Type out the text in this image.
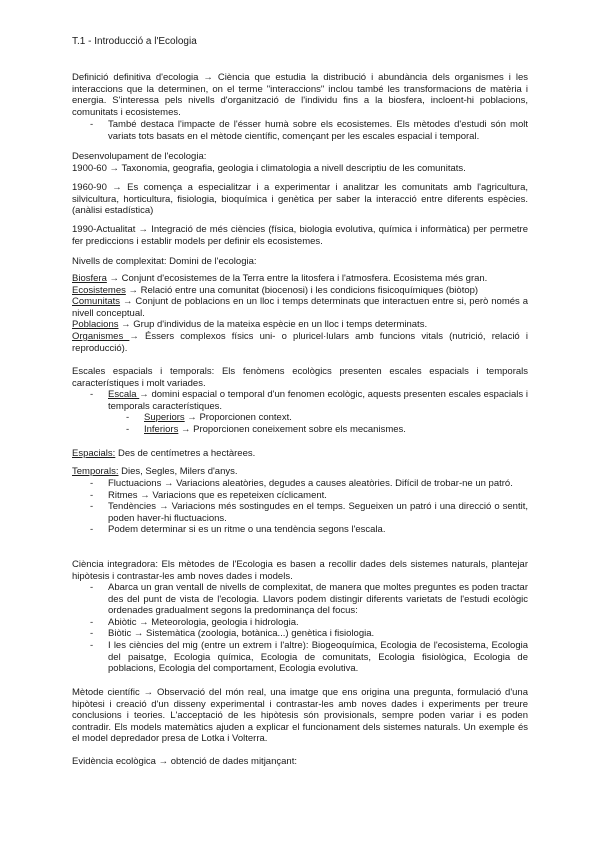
T.1 - Introducció a l'Ecologia

Definició definitiva d'ecologia → Ciència que estudia la distribució i abundància dels organismes i les interaccions que la determinen, on el terme "interaccions" inclou també les transformacions de matèria i energia. S'interessa pels nivells d'organització de l'individu fins a la biosfera, incloent-hi poblacions, comunitats i ecosistemes.

-	També destaca l'impacte de l'ésser humà sobre els ecosistemes. Els mètodes d'estudi són molt variats tots basats en el mètode científic, començant per les escales espacial i temporal.

Desenvolupament de l'ecologia:

1900-60 → Taxonomia, geografia, geologia i climatologia a nivell descriptiu de les comunitats.

1960-90 → Es comença a especialitzar i a experimentar i analitzar les comunitats amb l'agricultura, silvicultura, horticultura, fisiologia, bioquímica i genètica per saber la interacció entre diferents espècies. (anàlisi estadística)

1990-Actualitat → Integració de més ciències (física, biologia evolutiva, química i informàtica) per permetre fer prediccions i establir models per definir els ecosistemes.

Nivells de complexitat: Domini de l'ecologia:

Biosfera → Conjunt d'ecosistemes de la Terra entre la litosfera i l'atmosfera. Ecosistema més gran.

Ecosistemes → Relació entre una comunitat (biocenosi) i les condicions fisicoquímiques (biòtop)

Comunitats → Conjunt de poblacions en un lloc i temps determinats que interactuen entre si, però només a nivell conceptual.

Poblacions → Grup d'individus de la mateixa espècie en un lloc i temps determinats.

Organismes → Éssers complexos físics uni- o pluricel·lulars amb funcions vitals (nutrició, relació i reproducció).

Escales espacials i temporals: Els fenòmens ecològics presenten escales espacials i temporals característiques i molt variades.

-	Escala → domini espacial o temporal d'un fenomen ecològic, aquests presenten escales espacials i temporals característiques.
-	Superiors → Proporcionen context.
-	Inferiors → Proporcionen coneixement sobre els mecanismes.

Espacials: Des de centímetres a hectàrees.

Temporals: Dies, Segles, Milers d'anys.

-	Fluctuacions → Variacions aleatòries, degudes a causes aleatòries. Difícil de trobar-ne un patró.
-	Ritmes → Variacions que es repeteixen cíclicament.
-	Tendències → Variacions més sostingudes en el temps. Segueixen un patró i una direcció o sentit, poden haver-hi fluctuacions.
-	Podem determinar si es un ritme o una tendència segons l'escala.

Ciència integradora: Els mètodes de l'Ecologia es basen a recollir dades dels sistemes naturals, plantejar hipòtesis i contrastar-les amb noves dades i models.

-	Abarca un gran ventall de nivells de complexitat, de manera que moltes preguntes es poden tractar des del punt de vista de l'ecologia. Llavors podem distingir diferents varietats de l'estudi ecològic ordenades gradualment segons la predominança del focus:
-	Abiòtic → Meteorologia, geologia i hidrologia.
-	Biòtic → Sistemàtica (zoologia, botànica...) genètica i fisiologia.
-	I les ciències del mig (entre un extrem i l'altre): Biogeoquímica, Ecologia de l'ecosistema, Ecologia del paisatge, Ecologia química, Ecologia de comunitats, Ecologia fisiològica, Ecologia de poblacions, Ecologia del comportament, Ecologia evolutiva.

Mètode científic → Observació del món real, una imatge que ens origina una pregunta, formulació d'una hipòtesi i creació d'un disseny experimental i contrastar-les amb noves dades i experiments per treure conclusions i teories. L'acceptació de les hipòtesis són provisionals, sempre poden variar i es poden contradir. Els models matemàtics ajuden a explicar el funcionament dels sistemes naturals. Un exemple és el model depredador presa de Lotka i Volterra.

Evidència ecològica → obtenció de dades mitjançant:
